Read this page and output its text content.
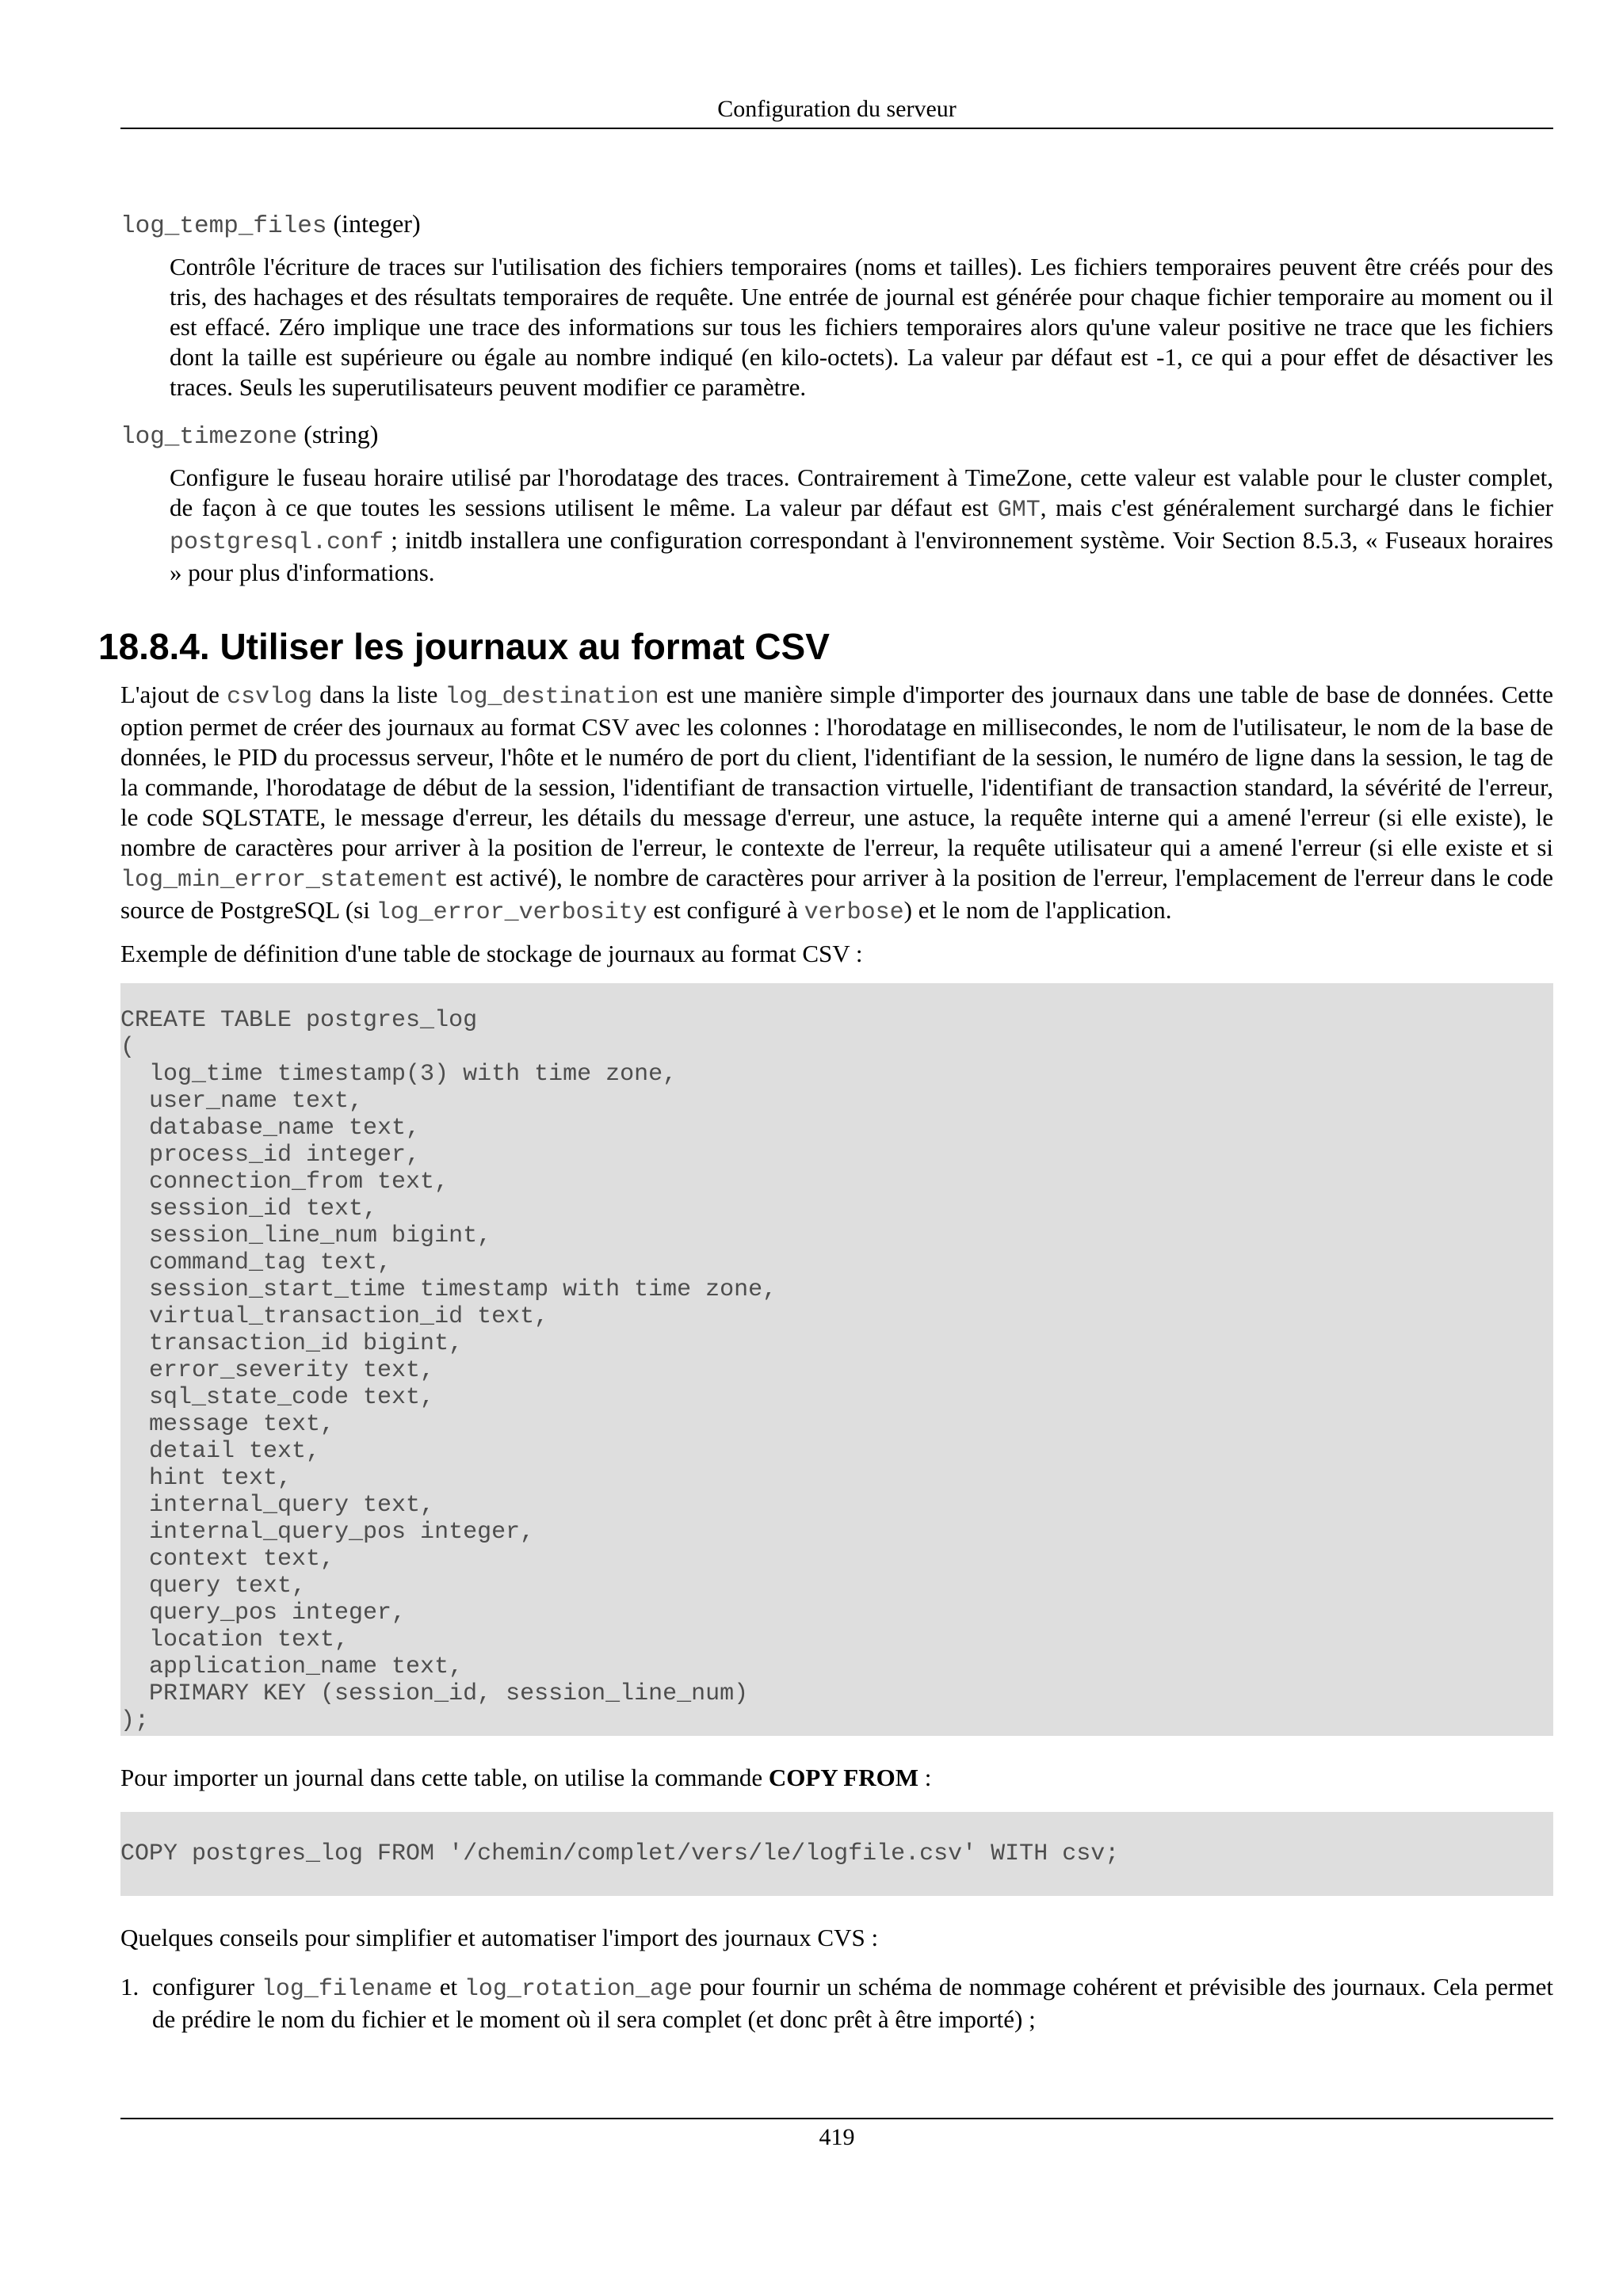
Configuration du serveur

log_temp_files (integer)

Contrôle l'écriture de traces sur l'utilisation des fichiers temporaires (noms et tailles). Les fichiers temporaires peuvent être créés pour des tris, des hachages et des résultats temporaires de requête. Une entrée de journal est générée pour chaque fichier temporaire au moment ou il est effacé. Zéro implique une trace des informations sur tous les fichiers temporaires alors qu'une valeur positive ne trace que les fichiers dont la taille est supérieure ou égale au nombre indiqué (en kilo-octets). La valeur par défaut est -1, ce qui a pour effet de désactiver les traces. Seuls les superutilisateurs peuvent modifier ce paramètre.

log_timezone (string)

Configure le fuseau horaire utilisé par l'horodatage des traces. Contrairement à TimeZone, cette valeur est valable pour le cluster complet, de façon à ce que toutes les sessions utilisent le même. La valeur par défaut est GMT, mais c'est généralement surchargé dans le fichier postgresql.conf ; initdb installera une configuration correspondant à l'environnement système. Voir Section 8.5.3, « Fuseaux horaires » pour plus d'informations.
18.8.4. Utiliser les journaux au format CSV
L'ajout de csvlog dans la liste log_destination est une manière simple d'importer des journaux dans une table de base de données. Cette option permet de créer des journaux au format CSV avec les colonnes : l'horodatage en millisecondes, le nom de l'utilisateur, le nom de la base de données, le PID du processus serveur, l'hôte et le numéro de port du client, l'identifiant de la session, le numéro de ligne dans la session, le tag de la commande, l'horodatage de début de la session, l'identifiant de transaction virtuelle, l'identifiant de transaction standard, la sévérité de l'erreur, le code SQLSTATE, le message d'erreur, les détails du message d'erreur, une astuce, la requête interne qui a amené l'erreur (si elle existe), le nombre de caractères pour arriver à la position de l'erreur, le contexte de l'erreur, la requête utilisateur qui a amené l'erreur (si elle existe et si log_min_error_statement est activé), le nombre de caractères pour arriver à la position de l'erreur, l'emplacement de l'erreur dans le code source de PostgreSQL (si log_error_verbosity est configuré à verbose) et le nom de l'application.
Exemple de définition d'une table de stockage de journaux au format CSV :
CREATE TABLE postgres_log
(
log_time timestamp(3) with time zone,
user_name text,
database_name text,
process_id integer,
connection_from text,
session_id text,
session_line_num bigint,
command_tag text,
session_start_time timestamp with time zone,
virtual_transaction_id text,
transaction_id bigint,
error_severity text,
sql_state_code text,
message text,
detail text,
hint text,
internal_query text,
internal_query_pos integer,
context text,
query text,
query_pos integer,
location text,
application_name text,
PRIMARY KEY (session_id, session_line_num)
);
Pour importer un journal dans cette table, on utilise la commande COPY FROM :
COPY postgres_log FROM '/chemin/complet/vers/le/logfile.csv' WITH csv;
Quelques conseils pour simplifier et automatiser l'import des journaux CVS :
1. configurer log_filename et log_rotation_age pour fournir un schéma de nommage cohérent et prévisible des journaux. Cela permet de prédire le nom du fichier et le moment où il sera complet (et donc prêt à être importé) ;
419
